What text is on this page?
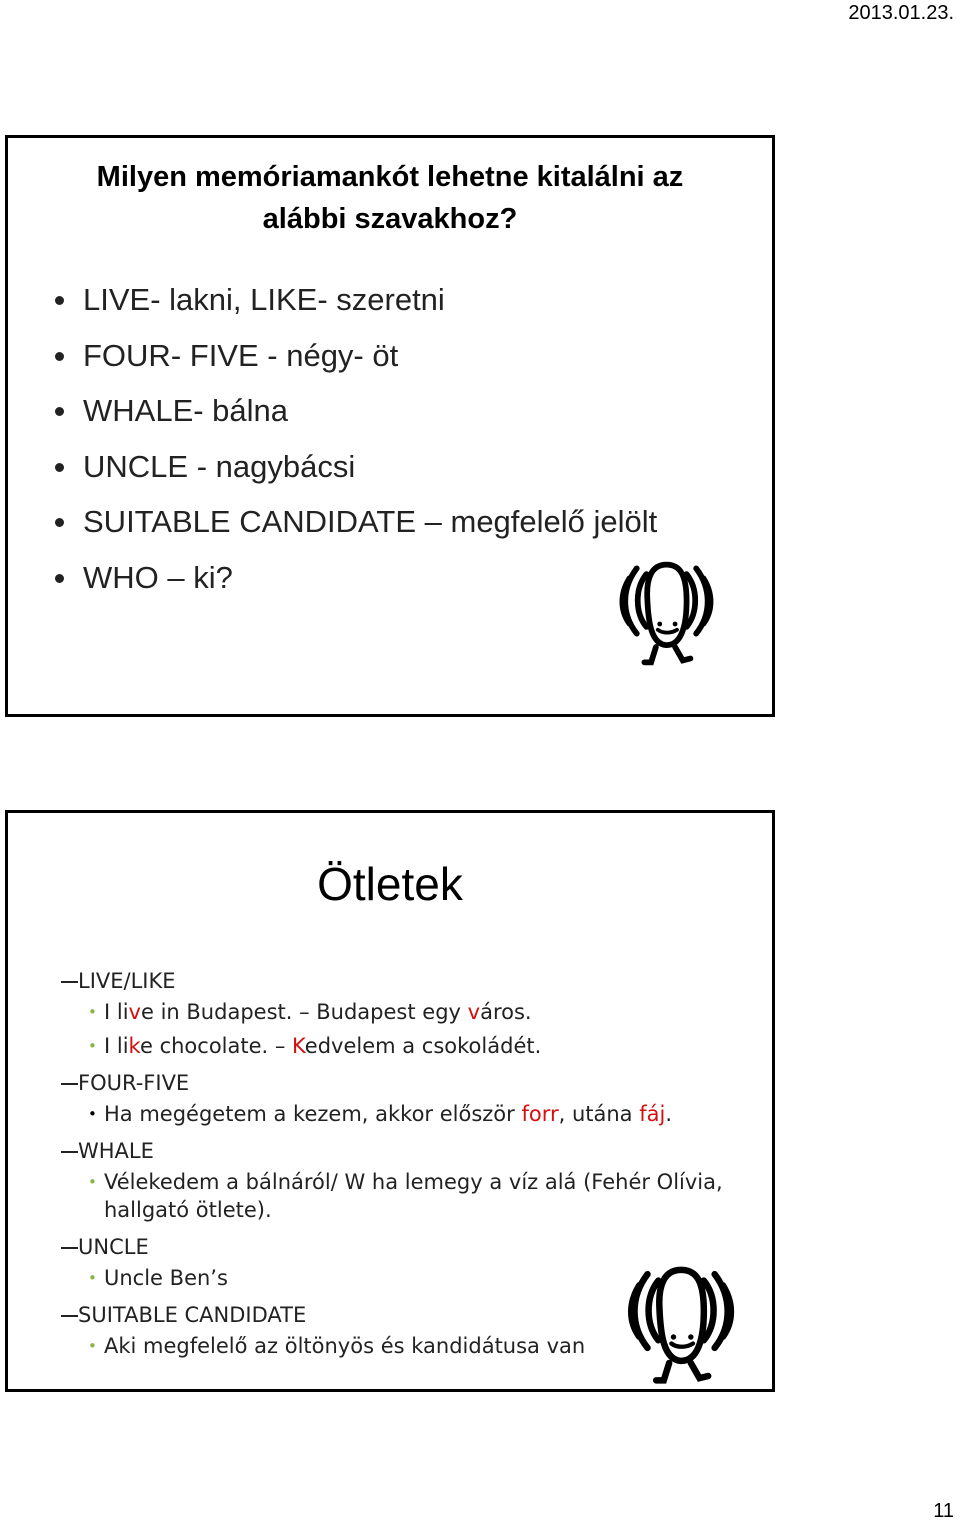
2013.01.23.
Milyen memóriamankót lehetne kitalálni az
alábbi szavakhoz?
LIVE- lakni, LIKE- szeretni
FOUR- FIVE - négy- öt
WHALE- bálna
UNCLE - nagybácsi
SUITABLE CANDIDATE – megfelelő jelölt
WHO – ki?
Ötletek
LIVE/LIKE
• I live in Budapest. – Budapest egy város.
• I like chocolate. – Kedvelem a csokoládét.
FOUR-FIVE
• Ha megégetem a kezem, akkor először forr, utána fáj.
WHALE
• Vélekedem a bálnáról/ W ha lemegy a víz alá (Fehér Olívia,
hallgató ötlete).
UNCLE
• Uncle Ben’s
SUITABLE CANDIDATE
• Aki megfelelő az öltönyös és kandidátusa van
11
